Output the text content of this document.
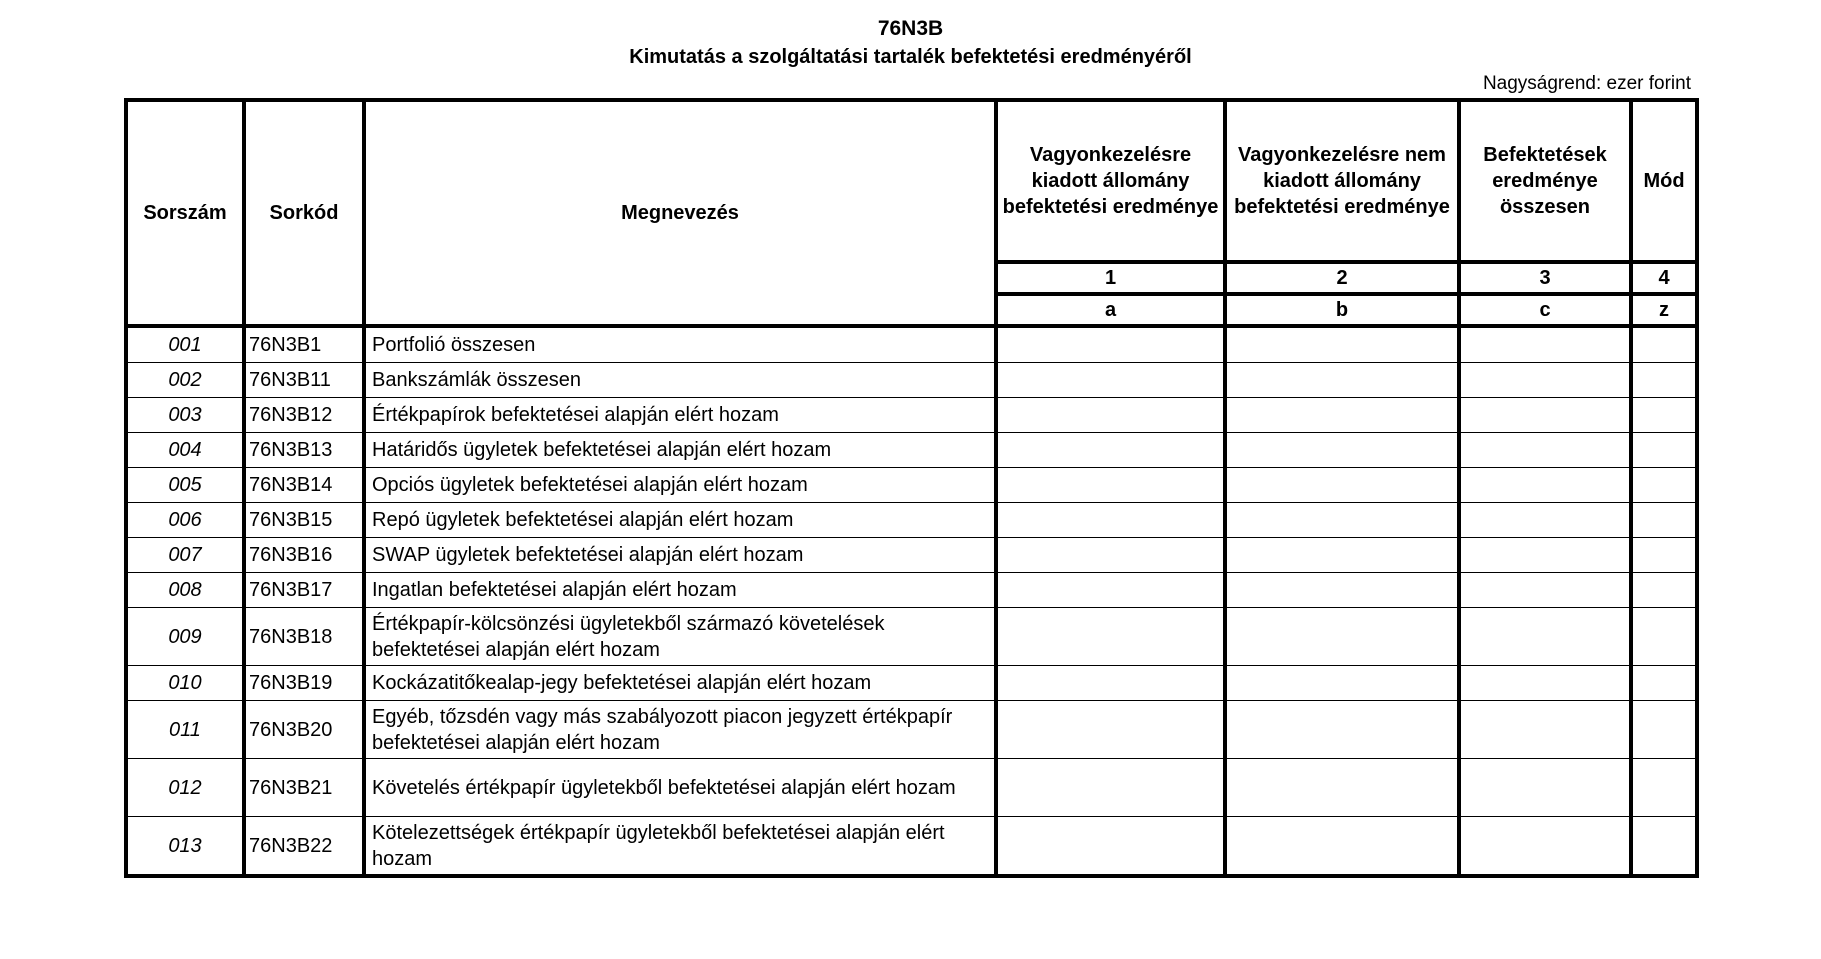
76N3B
Kimutatás a szolgáltatási tartalék befektetési eredményéről
Nagyságrend: ezer forint
Sorszám	Sorkód	Megnevezés	Vagyonkezelésre kiadott állomány befektetési eredménye	Vagyonkezelésre nem kiadott állomány befektetési eredménye	Befektetések eredménye összesen	Mód
			1	2	3	4
			a	b	c	z
001	76N3B1	Portfolió összesen				
002	76N3B11	Bankszámlák összesen				
003	76N3B12	Értékpapírok befektetései alapján elért hozam				
004	76N3B13	Határidős ügyletek befektetései alapján elért hozam				
005	76N3B14	Opciós ügyletek befektetései alapján elért hozam				
006	76N3B15	Repó ügyletek befektetései alapján elért hozam				
007	76N3B16	SWAP ügyletek befektetései alapján elért hozam				
008	76N3B17	Ingatlan befektetései alapján elért hozam				
009	76N3B18	Értékpapír-kölcsönzési ügyletekből származó követelések befektetései alapján elért hozam				
010	76N3B19	Kockázatitőkealap-jegy befektetései alapján elért hozam				
011	76N3B20	Egyéb, tőzsdén vagy más szabályozott piacon jegyzett értékpapír befektetései alapján elért hozam				
012	76N3B21	Követelés értékpapír ügyletekből befektetései alapján elért hozam				
013	76N3B22	Kötelezettségek értékpapír ügyletekből befektetései alapján elért hozam				
